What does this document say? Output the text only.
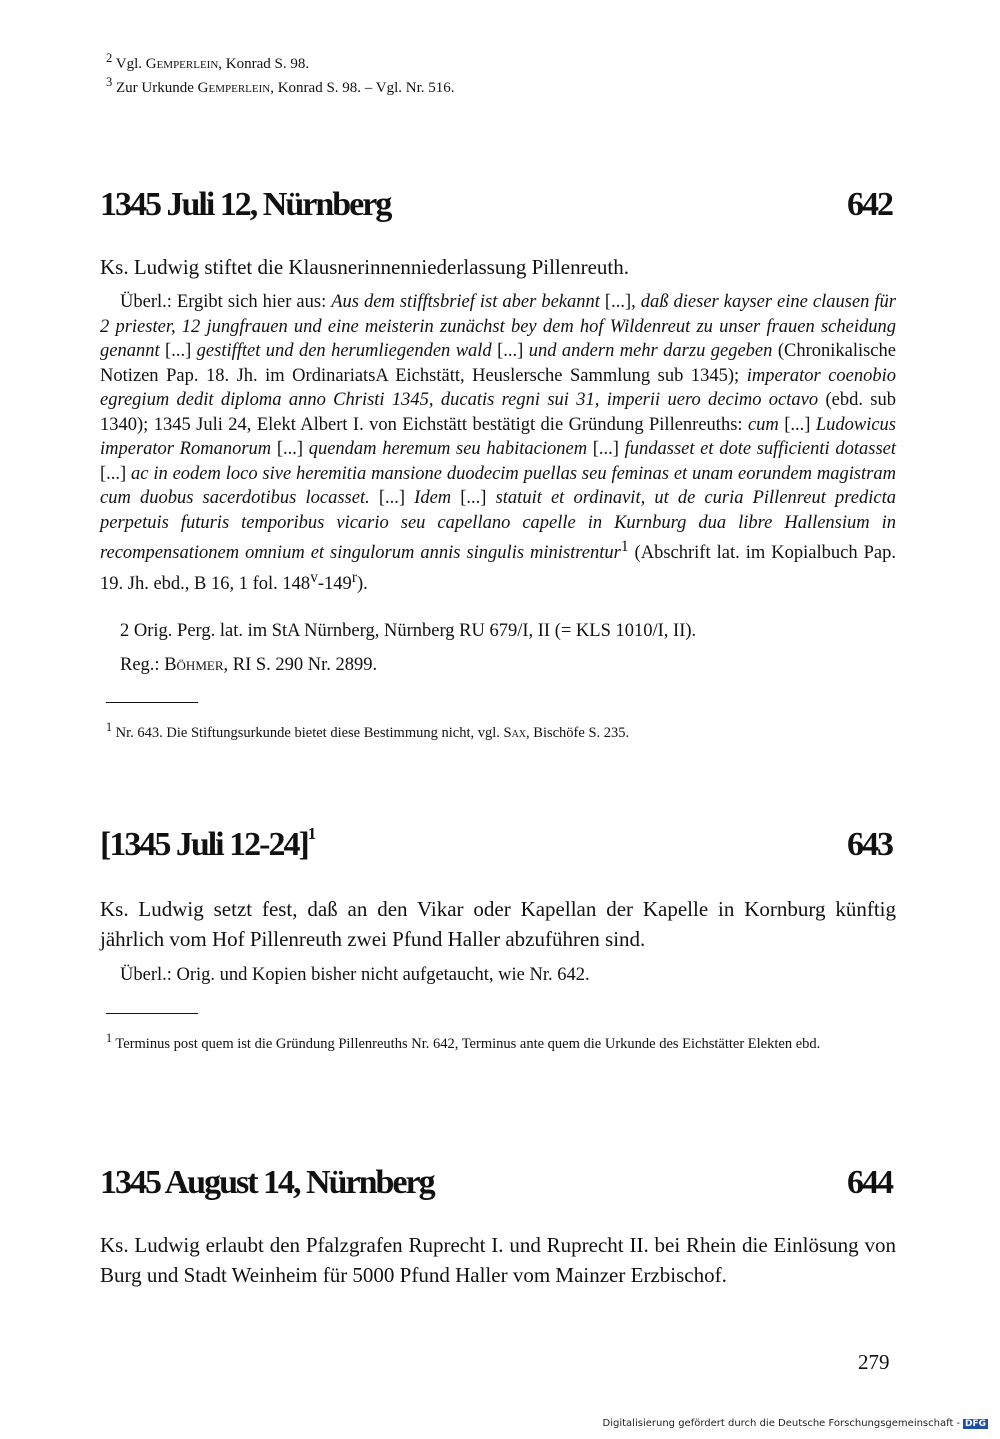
$^2$ Vgl. Gemperlein, Konrad S. 98.
$^3$ Zur Urkunde Gemperlein, Konrad S. 98. – Vgl. Nr. 516.
1345 Juli 12, Nürnberg	642

Ks. Ludwig stiftet die Klausnerinnenniederlassung Pillenreuth.

Überl.: Ergibt sich hier aus: Aus dem stifftsbrief ist aber bekannt [...], daß dieser kayser eine clausen für 2 priester, 12 jungfrauen und eine meisterin zunächst bey dem hof Wildenreut zu unser frauen scheidung genannt [...] gestifftet und den herumliegenden wald [...] und andern mehr darzu gegeben (Chronikalische Notizen Pap. 18. Jh. im OrdinariatsA Eichstätt, Heuslersche Sammlung sub 1345); imperator coenobio egregium dedit diploma anno Christi 1345, ducatis regni sui 31, imperii uero decimo octavo (ebd. sub 1340); 1345 Juli 24, Elekt Albert I. von Eichstätt bestätigt die Gründung Pillenreuths: cum [...] Ludowicus imperator Romanorum [...] quendam heremum seu habitacionem [...] fundasset et dote sufficienti dotasset [...] ac in eodem loco sive heremitia mansione duodecim puellas seu feminas et unam eorundem magistram cum duobus sacerdotibus locasset. [...] Idem [...] statuit et ordinavit, ut de curia Pillenreut predicta perpetuis futuris temporibus vicario seu capellano capelle in Kurnburg dua libre Hallensium in recompensationem omnium et singulorum annis singulis ministrentur$^1$ (Abschrift lat. im Kopialbuch Pap. 19. Jh. ebd., B 16, 1 fol. 148$^v$-149$^r$).

2 Orig. Perg. lat. im StA Nürnberg, Nürnberg RU 679/I, II (= KLS 1010/I, II).

Reg.: Böhmer, RI S. 290 Nr. 2899.

$^1$ Nr. 643. Die Stiftungsurkunde bietet diese Bestimmung nicht, vgl. Sax, Bischöfe S. 235.

[1345 Juli 12-24]$^1$	643

Ks. Ludwig setzt fest, daß an den Vikar oder Kapellan der Kapelle in Kornburg künftig jährlich vom Hof Pillenreuth zwei Pfund Haller abzuführen sind.

Überl.: Orig. und Kopien bisher nicht aufgetaucht, wie Nr. 642.

$^1$ Terminus post quem ist die Gründung Pillenreuths Nr. 642, Terminus ante quem die Urkunde des Eichstätter Elekten ebd.

1345 August 14, Nürnberg	644

Ks. Ludwig erlaubt den Pfalzgrafen Ruprecht I. und Ruprecht II. bei Rhein die Einlösung von Burg und Stadt Weinheim für 5000 Pfund Haller vom Mainzer Erzbischof.

279
Digitalisierung gefördert durch die Deutsche Forschungsgemeinschaft - DFG
